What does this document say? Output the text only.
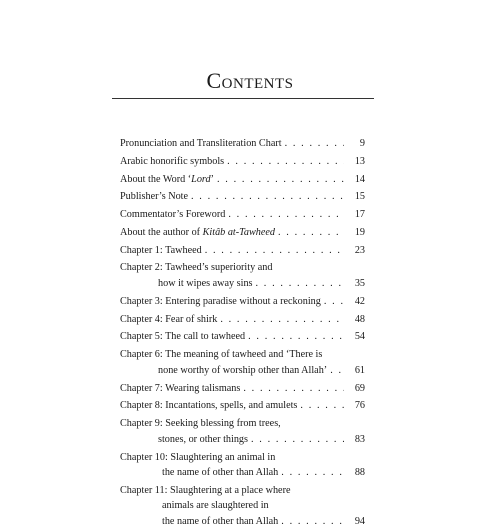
Contents
Pronunciation and Transliteration Chart . . .	9
Arabic honorific symbols . . .	13
About the Word ‘Lord’ . . .	14
Publisher’s Note . . .	15
Commentator’s Foreword . . .	17
About the author of Kitâb at-Tawheed . . .	19
Chapter 1: Tawheed . . .	23
Chapter 2: Tawheed’s superiority and
how it wipes away sins . . .	35
Chapter 3: Entering paradise without a reckoning . . .	42
Chapter 4: Fear of shirk . . .	48
Chapter 5: The call to tawheed . . .	54
Chapter 6: The meaning of tawheed and ‘There is
none worthy of worship other than Allah’ . . .	61
Chapter 7: Wearing talismans . . .	69
Chapter 8: Incantations, spells, and amulets . . .	76
Chapter 9: Seeking blessing from trees,
stones, or other things . . .	83
Chapter 10: Slaughtering an animal in
the name of other than Allah . . .	88
Chapter 11: Slaughtering at a place where
animals are slaughtered in
the name of other than Allah . . .	94
